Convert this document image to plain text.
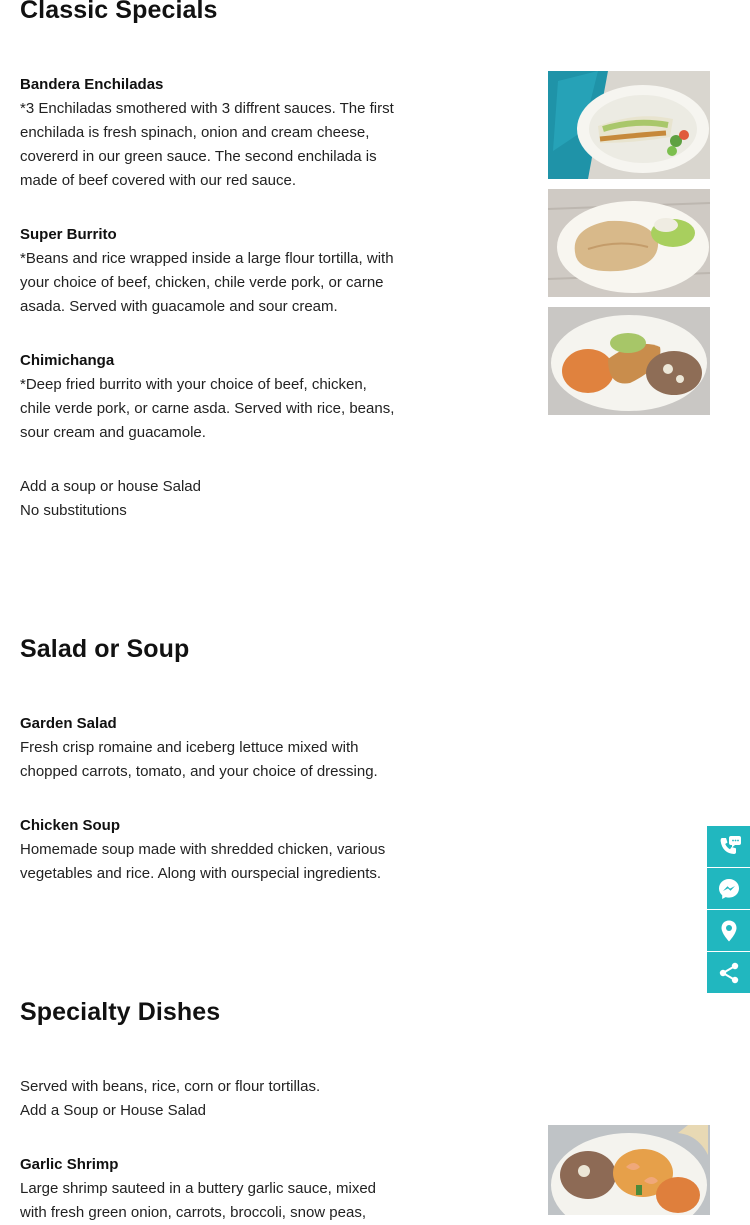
Classic Specials

Bandera Enchiladas

*3 Enchiladas smothered with 3 diffrent sauces. The first
enchilada is fresh spinach, onion and cream cheese,
covererd in our green sauce. The second enchilada is
made of beef covered with our red sauce.

Super Burrito

*Beans and rice wrapped inside a large flour tortilla, with
your choice of beef, chicken, chile verde pork, or carne
asada. Served with guacamole and sour cream.

Chimichanga

*Deep fried burrito with your choice of beef, chicken,
chile verde pork, or carne asda. Served with rice, beans,
sour cream and guacamole.
Add a soup or house Salad
No substitutions
Salad or Soup

Garden Salad

Fresh crisp romaine and iceberg lettuce mixed with
chopped carrots, tomato, and your choice of dressing.

Chicken Soup

Homemade soup made with shredded chicken, various
vegetables and rice. Along with ourspecial ingredients.
Specialty Dishes
Served with beans, rice, corn or flour tortillas.
Add a Soup or House Salad

Garlic Shrimp

Large shrimp sauteed in a buttery garlic sauce, mixed
with fresh green onion, carrots, broccoli, snow peas,
